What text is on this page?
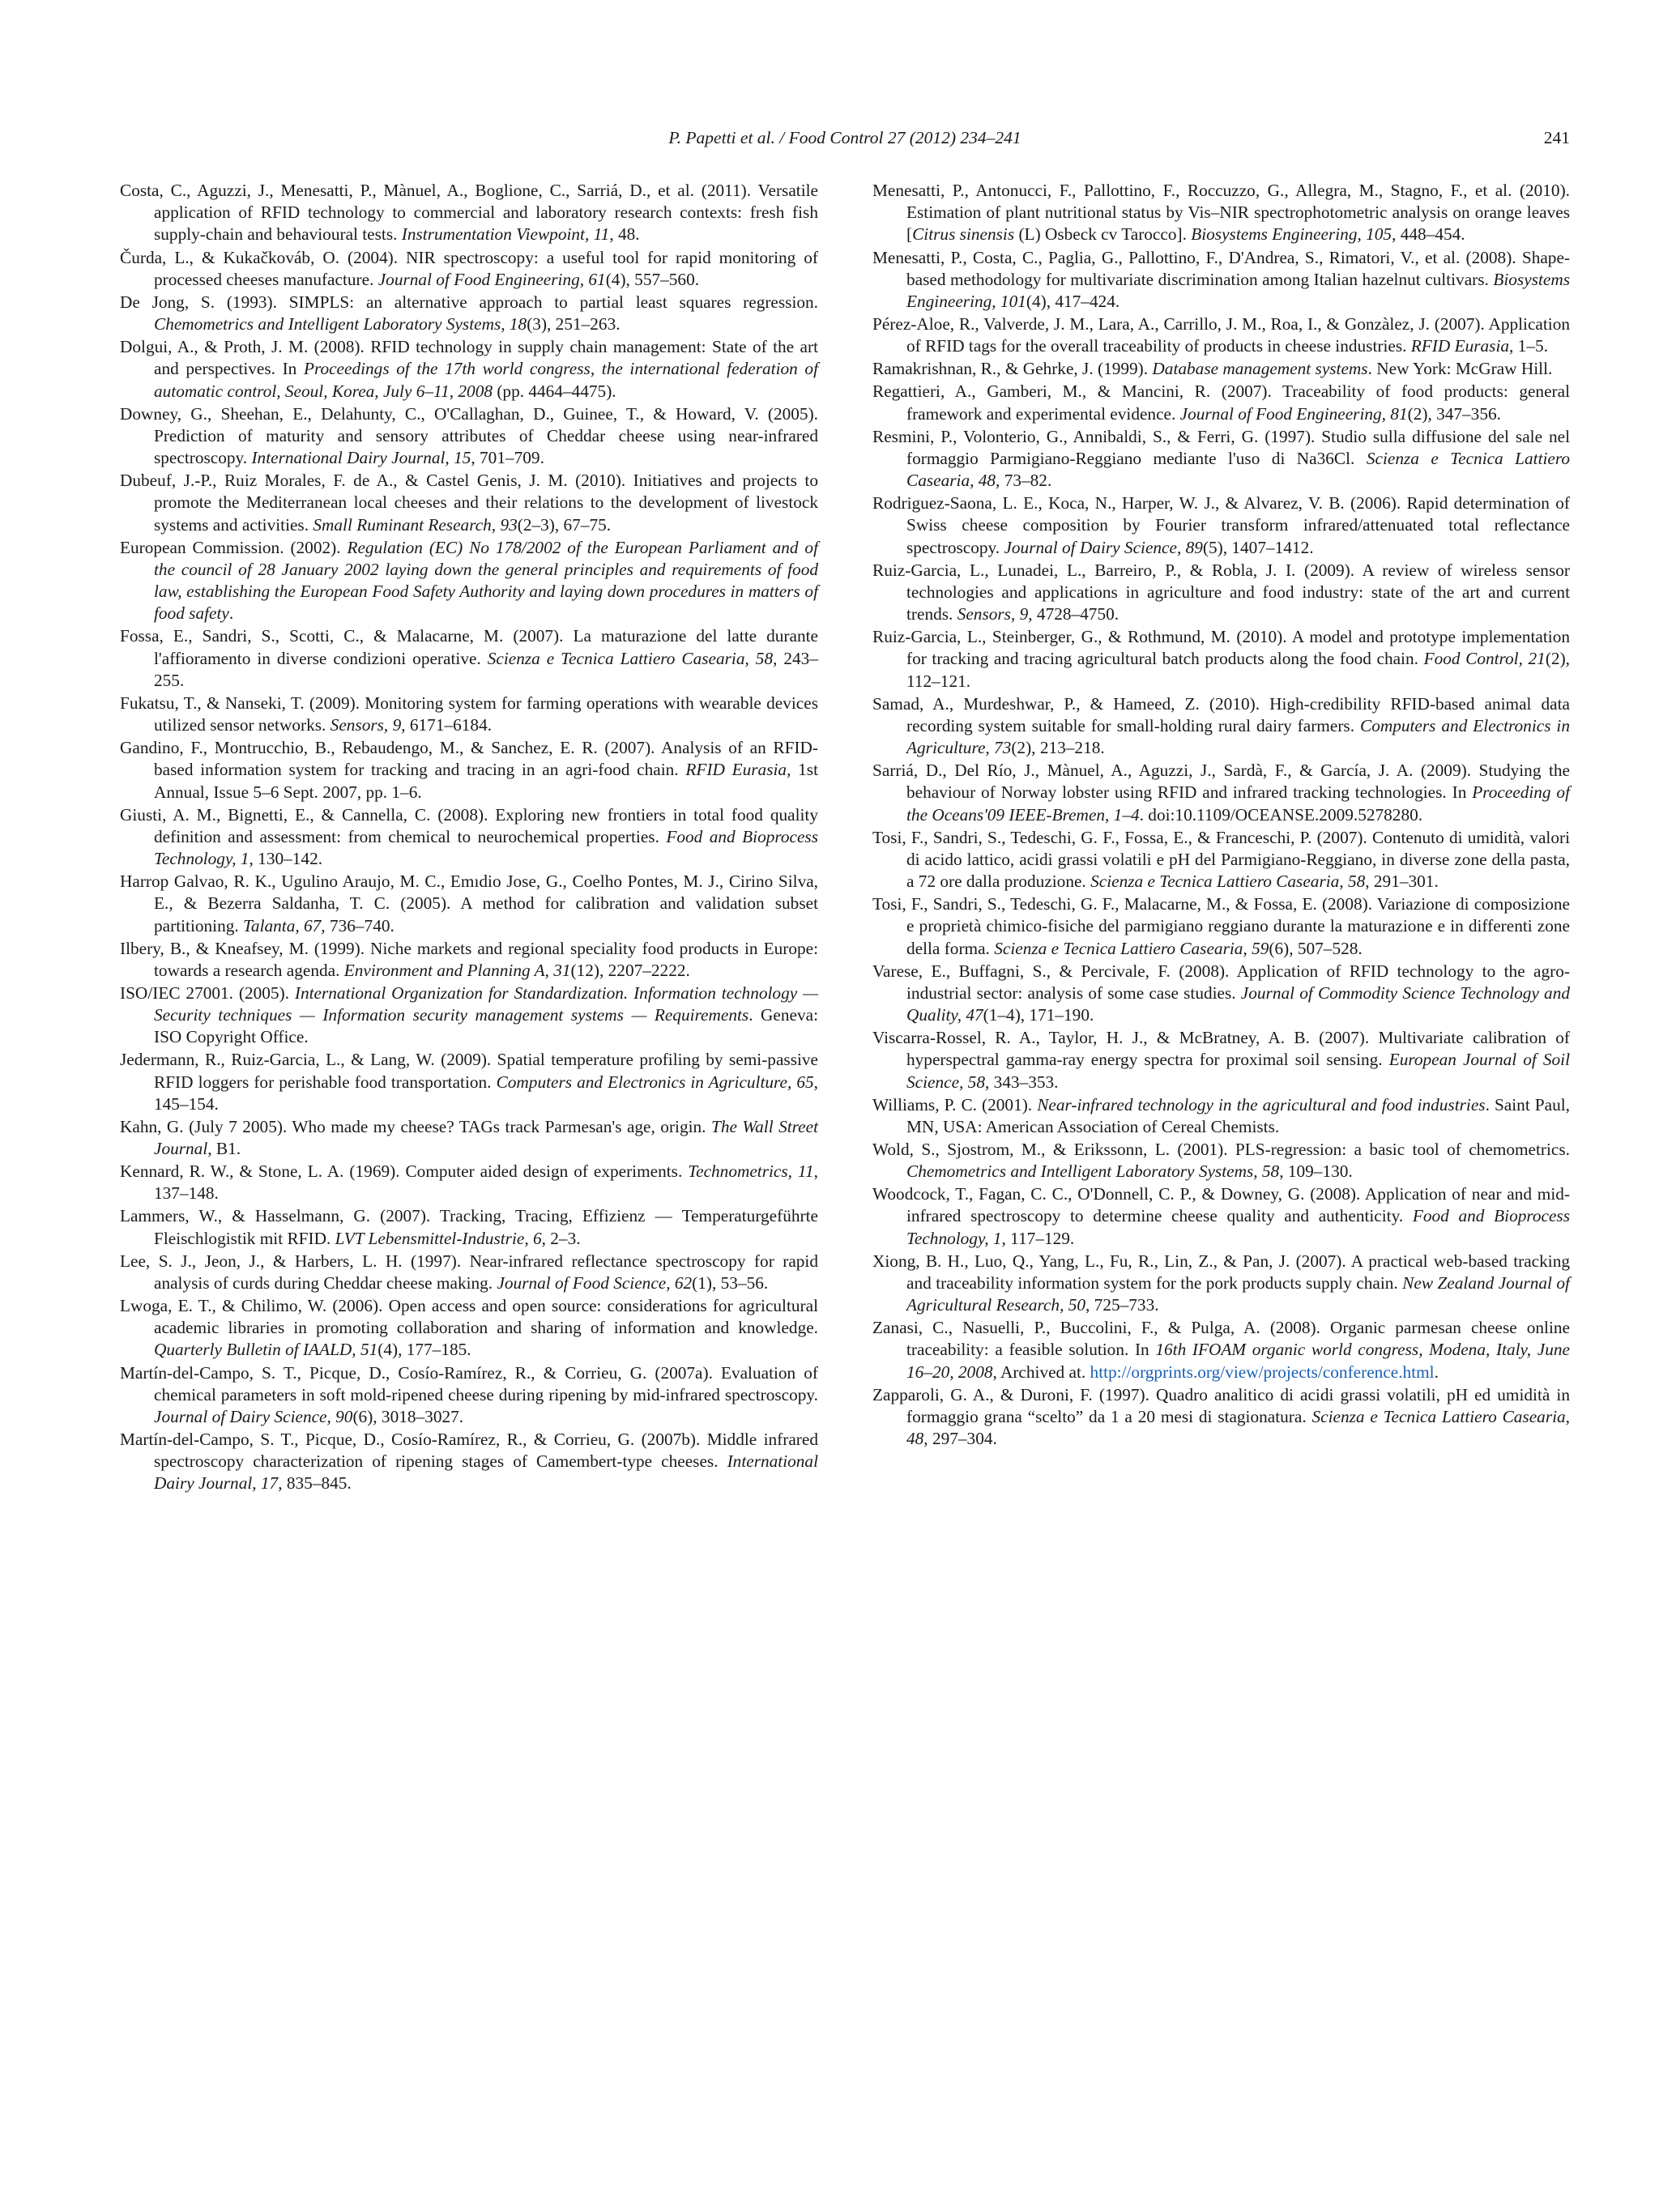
P. Papetti et al. / Food Control 27 (2012) 234–241	241

Costa, C., Aguzzi, J., Menesatti, P., Mànuel, A., Boglione, C., Sarriá, D., et al. (2011). Versatile application of RFID technology to commercial and laboratory research contexts: fresh fish supply-chain and behavioural tests. Instrumentation Viewpoint, 11, 48.

Čurda, L., & Kukačkováb, O. (2004). NIR spectroscopy: a useful tool for rapid monitoring of processed cheeses manufacture. Journal of Food Engineering, 61(4), 557–560.

De Jong, S. (1993). SIMPLS: an alternative approach to partial least squares regression. Chemometrics and Intelligent Laboratory Systems, 18(3), 251–263.

Dolgui, A., & Proth, J. M. (2008). RFID technology in supply chain management: State of the art and perspectives. In Proceedings of the 17th world congress, the international federation of automatic control, Seoul, Korea, July 6–11, 2008 (pp. 4464–4475).

Downey, G., Sheehan, E., Delahunty, C., O'Callaghan, D., Guinee, T., & Howard, V. (2005). Prediction of maturity and sensory attributes of Cheddar cheese using near-infrared spectroscopy. International Dairy Journal, 15, 701–709.

Dubeuf, J.-P., Ruiz Morales, F. de A., & Castel Genis, J. M. (2010). Initiatives and projects to promote the Mediterranean local cheeses and their relations to the development of livestock systems and activities. Small Ruminant Research, 93(2–3), 67–75.

European Commission. (2002). Regulation (EC) No 178/2002 of the European Parliament and of the council of 28 January 2002 laying down the general principles and requirements of food law, establishing the European Food Safety Authority and laying down procedures in matters of food safety.

Fossa, E., Sandri, S., Scotti, C., & Malacarne, M. (2007). La maturazione del latte durante l'affioramento in diverse condizioni operative. Scienza e Tecnica Lattiero Casearia, 58, 243–255.

Fukatsu, T., & Nanseki, T. (2009). Monitoring system for farming operations with wearable devices utilized sensor networks. Sensors, 9, 6171–6184.

Gandino, F., Montrucchio, B., Rebaudengo, M., & Sanchez, E. R. (2007). Analysis of an RFID-based information system for tracking and tracing in an agri-food chain. RFID Eurasia, 1st Annual, Issue 5–6 Sept. 2007, pp. 1–6.

Giusti, A. M., Bignetti, E., & Cannella, C. (2008). Exploring new frontiers in total food quality definition and assessment: from chemical to neurochemical properties. Food and Bioprocess Technology, 1, 130–142.

Harrop Galvao, R. K., Ugulino Araujo, M. C., Emıdio Jose, G., Coelho Pontes, M. J., Cirino Silva, E., & Bezerra Saldanha, T. C. (2005). A method for calibration and validation subset partitioning. Talanta, 67, 736–740.

Ilbery, B., & Kneafsey, M. (1999). Niche markets and regional speciality food products in Europe: towards a research agenda. Environment and Planning A, 31(12), 2207–2222.

ISO/IEC 27001. (2005). International Organization for Standardization. Information technology — Security techniques — Information security management systems — Requirements. Geneva: ISO Copyright Office.

Jedermann, R., Ruiz-Garcia, L., & Lang, W. (2009). Spatial temperature profiling by semi-passive RFID loggers for perishable food transportation. Computers and Electronics in Agriculture, 65, 145–154.

Kahn, G. (July 7 2005). Who made my cheese? TAGs track Parmesan's age, origin. The Wall Street Journal, B1.

Kennard, R. W., & Stone, L. A. (1969). Computer aided design of experiments. Technometrics, 11, 137–148.

Lammers, W., & Hasselmann, G. (2007). Tracking, Tracing, Effizienz — Temperaturgeführte Fleischlogistik mit RFID. LVT Lebensmittel-Industrie, 6, 2–3.

Lee, S. J., Jeon, J., & Harbers, L. H. (1997). Near-infrared reflectance spectroscopy for rapid analysis of curds during Cheddar cheese making. Journal of Food Science, 62(1), 53–56.

Lwoga, E. T., & Chilimo, W. (2006). Open access and open source: considerations for agricultural academic libraries in promoting collaboration and sharing of information and knowledge. Quarterly Bulletin of IAALD, 51(4), 177–185.

Martín-del-Campo, S. T., Picque, D., Cosío-Ramírez, R., & Corrieu, G. (2007a). Evaluation of chemical parameters in soft mold-ripened cheese during ripening by mid-infrared spectroscopy. Journal of Dairy Science, 90(6), 3018–3027.

Martín-del-Campo, S. T., Picque, D., Cosío-Ramírez, R., & Corrieu, G. (2007b). Middle infrared spectroscopy characterization of ripening stages of Camembert-type cheeses. International Dairy Journal, 17, 835–845.

Menesatti, P., Antonucci, F., Pallottino, F., Roccuzzo, G., Allegra, M., Stagno, F., et al. (2010). Estimation of plant nutritional status by Vis–NIR spectrophotometric analysis on orange leaves [Citrus sinensis (L) Osbeck cv Tarocco]. Biosystems Engineering, 105, 448–454.

Menesatti, P., Costa, C., Paglia, G., Pallottino, F., D'Andrea, S., Rimatori, V., et al. (2008). Shape-based methodology for multivariate discrimination among Italian hazelnut cultivars. Biosystems Engineering, 101(4), 417–424.

Pérez-Aloe, R., Valverde, J. M., Lara, A., Carrillo, J. M., Roa, I., & Gonzàlez, J. (2007). Application of RFID tags for the overall traceability of products in cheese industries. RFID Eurasia, 1–5.

Ramakrishnan, R., & Gehrke, J. (1999). Database management systems. New York: McGraw Hill.

Regattieri, A., Gamberi, M., & Mancini, R. (2007). Traceability of food products: general framework and experimental evidence. Journal of Food Engineering, 81(2), 347–356.

Resmini, P., Volonterio, G., Annibaldi, S., & Ferri, G. (1997). Studio sulla diffusione del sale nel formaggio Parmigiano-Reggiano mediante l'uso di Na36Cl. Scienza e Tecnica Lattiero Casearia, 48, 73–82.

Rodriguez-Saona, L. E., Koca, N., Harper, W. J., & Alvarez, V. B. (2006). Rapid determination of Swiss cheese composition by Fourier transform infrared/attenuated total reflectance spectroscopy. Journal of Dairy Science, 89(5), 1407–1412.

Ruiz-Garcia, L., Lunadei, L., Barreiro, P., & Robla, J. I. (2009). A review of wireless sensor technologies and applications in agriculture and food industry: state of the art and current trends. Sensors, 9, 4728–4750.

Ruiz-Garcia, L., Steinberger, G., & Rothmund, M. (2010). A model and prototype implementation for tracking and tracing agricultural batch products along the food chain. Food Control, 21(2), 112–121.

Samad, A., Murdeshwar, P., & Hameed, Z. (2010). High-credibility RFID-based animal data recording system suitable for small-holding rural dairy farmers. Computers and Electronics in Agriculture, 73(2), 213–218.

Sarriá, D., Del Río, J., Mànuel, A., Aguzzi, J., Sardà, F., & García, J. A. (2009). Studying the behaviour of Norway lobster using RFID and infrared tracking technologies. In Proceeding of the Oceans'09 IEEE-Bremen, 1–4. doi:10.1109/OCEANSE.2009.5278280.

Tosi, F., Sandri, S., Tedeschi, G. F., Fossa, E., & Franceschi, P. (2007). Contenuto di umidità, valori di acido lattico, acidi grassi volatili e pH del Parmigiano-Reggiano, in diverse zone della pasta, a 72 ore dalla produzione. Scienza e Tecnica Lattiero Casearia, 58, 291–301.

Tosi, F., Sandri, S., Tedeschi, G. F., Malacarne, M., & Fossa, E. (2008). Variazione di composizione e proprietà chimico-fisiche del parmigiano reggiano durante la maturazione e in differenti zone della forma. Scienza e Tecnica Lattiero Casearia, 59(6), 507–528.

Varese, E., Buffagni, S., & Percivale, F. (2008). Application of RFID technology to the agro-industrial sector: analysis of some case studies. Journal of Commodity Science Technology and Quality, 47(1–4), 171–190.

Viscarra-Rossel, R. A., Taylor, H. J., & McBratney, A. B. (2007). Multivariate calibration of hyperspectral gamma-ray energy spectra for proximal soil sensing. European Journal of Soil Science, 58, 343–353.

Williams, P. C. (2001). Near-infrared technology in the agricultural and food industries. Saint Paul, MN, USA: American Association of Cereal Chemists.

Wold, S., Sjostrom, M., & Erikssonn, L. (2001). PLS-regression: a basic tool of chemometrics. Chemometrics and Intelligent Laboratory Systems, 58, 109–130.

Woodcock, T., Fagan, C. C., O'Donnell, C. P., & Downey, G. (2008). Application of near and mid-infrared spectroscopy to determine cheese quality and authenticity. Food and Bioprocess Technology, 1, 117–129.

Xiong, B. H., Luo, Q., Yang, L., Fu, R., Lin, Z., & Pan, J. (2007). A practical web-based tracking and traceability information system for the pork products supply chain. New Zealand Journal of Agricultural Research, 50, 725–733.

Zanasi, C., Nasuelli, P., Buccolini, F., & Pulga, A. (2008). Organic parmesan cheese online traceability: a feasible solution. In 16th IFOAM organic world congress, Modena, Italy, June 16–20, 2008, Archived at. http://orgprints.org/view/projects/conference.html.

Zapparoli, G. A., & Duroni, F. (1997). Quadro analitico di acidi grassi volatili, pH ed umidità in formaggio grana “scelto” da 1 a 20 mesi di stagionatura. Scienza e Tecnica Lattiero Casearia, 48, 297–304.
